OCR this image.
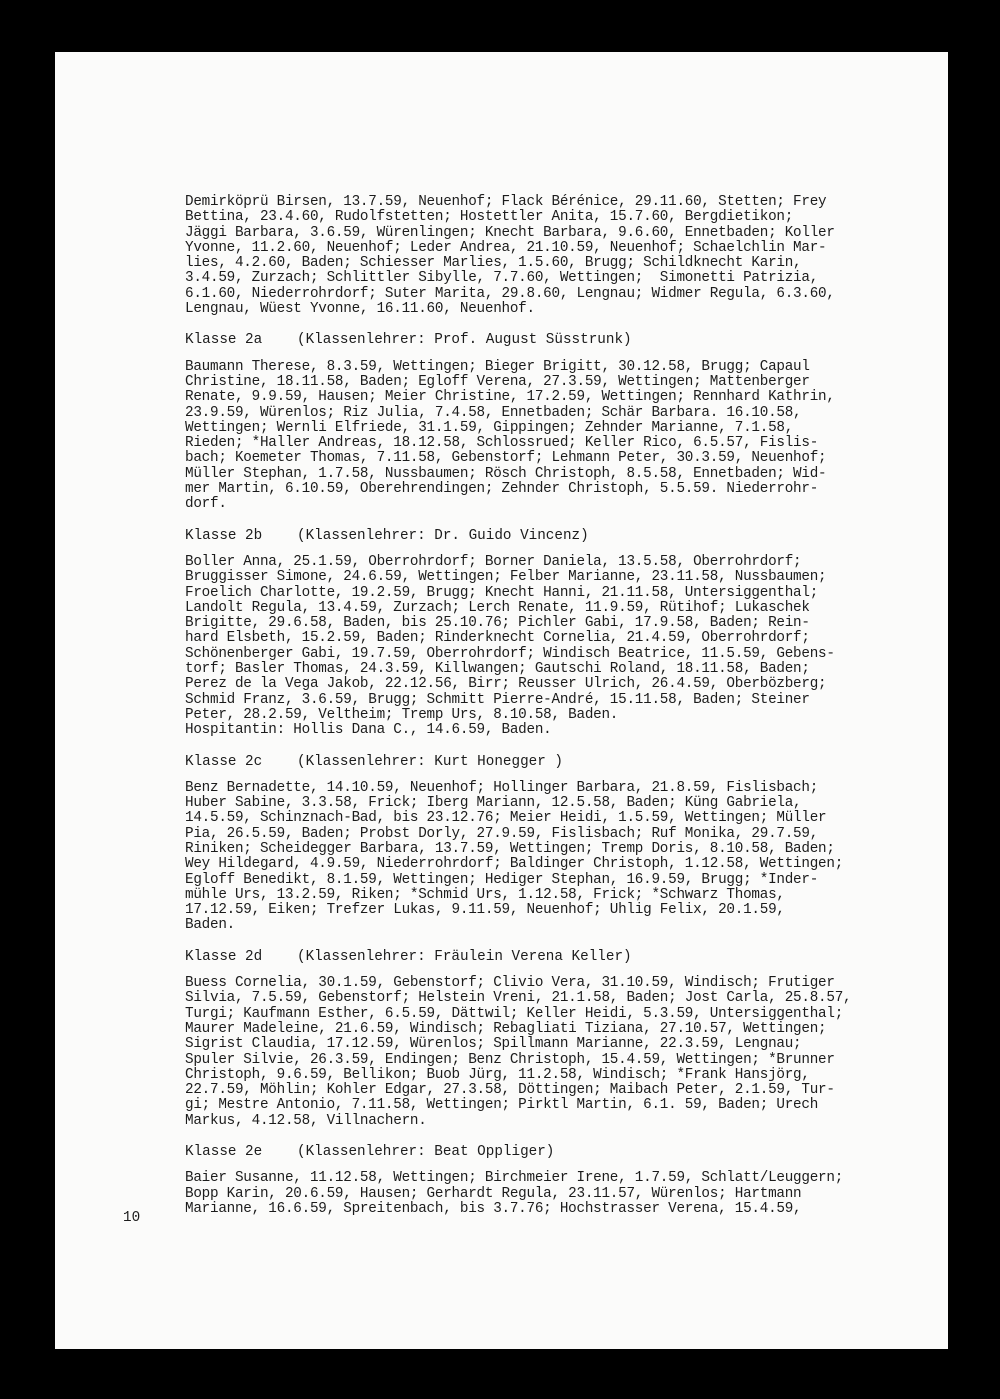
Demirköprü Birsen, 13.7.59, Neuenhof; Flack Bérénice, 29.11.60, Stetten; Frey
Bettina, 23.4.60, Rudolfstetten; Hostettler Anita, 15.7.60, Bergdietikon;
Jäggi Barbara, 3.6.59, Würenlingen; Knecht Barbara, 9.6.60, Ennetbaden; Koller
Yvonne, 11.2.60, Neuenhof; Leder Andrea, 21.10.59, Neuenhof; Schaelchlin Mar-
lies, 4.2.60, Baden; Schiesser Marlies, 1.5.60, Brugg; Schildknecht Karin,
3.4.59, Zurzach; Schlittler Sibylle, 7.7.60, Wettingen;  Simonetti Patrizia,
6.1.60, Niederrohrdorf; Suter Marita, 29.8.60, Lengnau; Widmer Regula, 6.3.60,
Lengnau, Wüest Yvonne, 16.11.60, Neuenhof.
Klasse 2a (Klassenlehrer: Prof. August Süsstrunk)
Baumann Therese, 8.3.59, Wettingen; Bieger Brigitt, 30.12.58, Brugg; Capaul
Christine, 18.11.58, Baden; Egloff Verena, 27.3.59, Wettingen; Mattenberger
Renate, 9.9.59, Hausen; Meier Christine, 17.2.59, Wettingen; Rennhard Kathrin,
23.9.59, Würenlos; Riz Julia, 7.4.58, Ennetbaden; Schär Barbara. 16.10.58,
Wettingen; Wernli Elfriede, 31.1.59, Gippingen; Zehnder Marianne, 7.1.58,
Rieden; *Haller Andreas, 18.12.58, Schlossrued; Keller Rico, 6.5.57, Fislis-
bach; Koemeter Thomas, 7.11.58, Gebenstorf; Lehmann Peter, 30.3.59, Neuenhof;
Müller Stephan, 1.7.58, Nussbaumen; Rösch Christoph, 8.5.58, Ennetbaden; Wid-
mer Martin, 6.10.59, Oberehrendingen; Zehnder Christoph, 5.5.59. Niederrohr-
dorf.
Klasse 2b (Klassenlehrer: Dr. Guido Vincenz)
Boller Anna, 25.1.59, Oberrohrdorf; Borner Daniela, 13.5.58, Oberrohrdorf;
Bruggisser Simone, 24.6.59, Wettingen; Felber Marianne, 23.11.58, Nussbaumen;
Froelich Charlotte, 19.2.59, Brugg; Knecht Hanni, 21.11.58, Untersiggenthal;
Landolt Regula, 13.4.59, Zurzach; Lerch Renate, 11.9.59, Rütihof; Lukaschek
Brigitte, 29.6.58, Baden, bis 25.10.76; Pichler Gabi, 17.9.58, Baden; Rein-
hard Elsbeth, 15.2.59, Baden; Rinderknecht Cornelia, 21.4.59, Oberrohrdorf;
Schönenberger Gabi, 19.7.59, Oberrohrdorf; Windisch Beatrice, 11.5.59, Gebens-
torf; Basler Thomas, 24.3.59, Killwangen; Gautschi Roland, 18.11.58, Baden;
Perez de la Vega Jakob, 22.12.56, Birr; Reusser Ulrich, 26.4.59, Oberbözberg;
Schmid Franz, 3.6.59, Brugg; Schmitt Pierre-André, 15.11.58, Baden; Steiner
Peter, 28.2.59, Veltheim; Tremp Urs, 8.10.58, Baden.
Hospitantin: Hollis Dana C., 14.6.59, Baden.
Klasse 2c (Klassenlehrer: Kurt Honegger )
Benz Bernadette, 14.10.59, Neuenhof; Hollinger Barbara, 21.8.59, Fislisbach;
Huber Sabine, 3.3.58, Frick; Iberg Mariann, 12.5.58, Baden; Küng Gabriela,
14.5.59, Schinznach-Bad, bis 23.12.76; Meier Heidi, 1.5.59, Wettingen; Müller
Pia, 26.5.59, Baden; Probst Dorly, 27.9.59, Fislisbach; Ruf Monika, 29.7.59,
Riniken; Scheidegger Barbara, 13.7.59, Wettingen; Tremp Doris, 8.10.58, Baden;
Wey Hildegard, 4.9.59, Niederrohrdorf; Baldinger Christoph, 1.12.58, Wettingen;
Egloff Benedikt, 8.1.59, Wettingen; Hediger Stephan, 16.9.59, Brugg; *Inder-
mühle Urs, 13.2.59, Riken; *Schmid Urs, 1.12.58, Frick; *Schwarz Thomas,
17.12.59, Eiken; Trefzer Lukas, 9.11.59, Neuenhof; Uhlig Felix, 20.1.59,
Baden.
Klasse 2d (Klassenlehrer: Fräulein Verena Keller)
Buess Cornelia, 30.1.59, Gebenstorf; Clivio Vera, 31.10.59, Windisch; Frutiger
Silvia, 7.5.59, Gebenstorf; Helstein Vreni, 21.1.58, Baden; Jost Carla, 25.8.57,
Turgi; Kaufmann Esther, 6.5.59, Dättwil; Keller Heidi, 5.3.59, Untersiggenthal;
Maurer Madeleine, 21.6.59, Windisch; Rebagliati Tiziana, 27.10.57, Wettingen;
Sigrist Claudia, 17.12.59, Würenlos; Spillmann Marianne, 22.3.59, Lengnau;
Spuler Silvie, 26.3.59, Endingen; Benz Christoph, 15.4.59, Wettingen; *Brunner
Christoph, 9.6.59, Bellikon; Buob Jürg, 11.2.58, Windisch; *Frank Hansjörg,
22.7.59, Möhlin; Kohler Edgar, 27.3.58, Döttingen; Maibach Peter, 2.1.59, Tur-
gi; Mestre Antonio, 7.11.58, Wettingen; Pirktl Martin, 6.1. 59, Baden; Urech
Markus, 4.12.58, Villnachern.
Klasse 2e (Klassenlehrer: Beat Oppliger)
Baier Susanne, 11.12.58, Wettingen; Birchmeier Irene, 1.7.59, Schlatt/Leuggern;
Bopp Karin, 20.6.59, Hausen; Gerhardt Regula, 23.11.57, Würenlos; Hartmann
Marianne, 16.6.59, Spreitenbach, bis 3.7.76; Hochstrasser Verena, 15.4.59,
10
